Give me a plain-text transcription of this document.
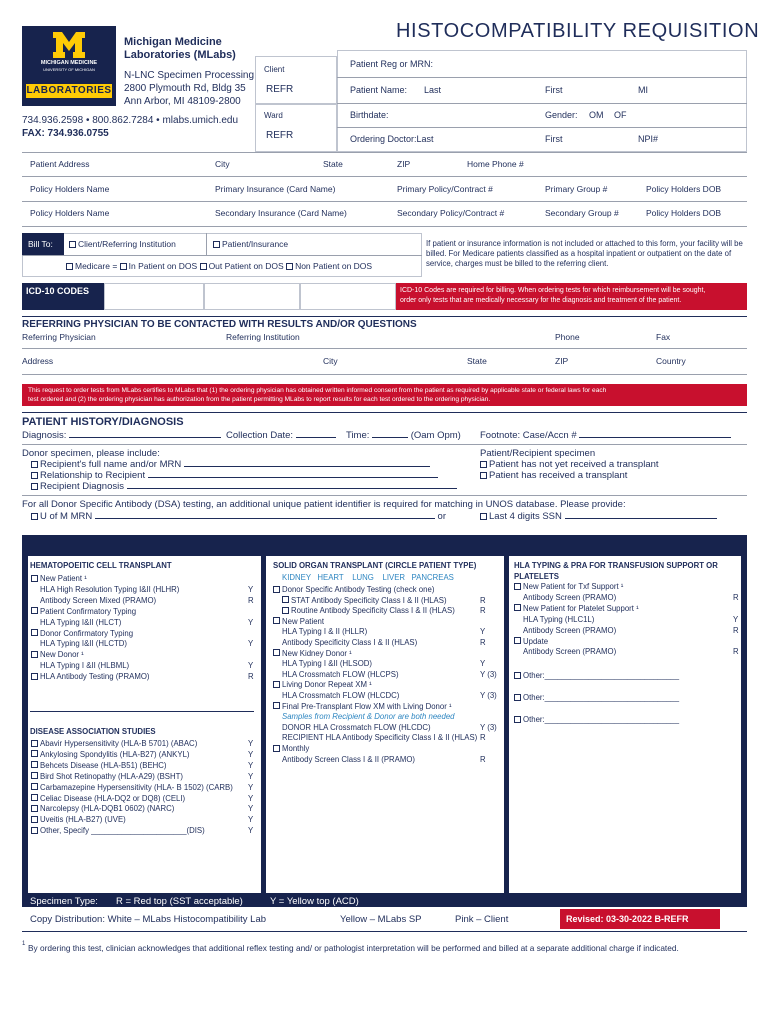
MICHIGAN MEDICINE
UNIVERSITY OF MICHIGAN
LABORATORIES
Michigan Medicine
Laboratories (MLabs)
N-LNC Specimen Processing
2800 Plymouth Rd, Bldg 35
Ann Arbor, MI 48109-2800
734.936.2598 • 800.862.7284 • mlabs.umich.edu
FAX: 734.936.0755
HISTOCOMPATIBILITY REQUISITION
Client
REFR
Ward
REFR
Patient Reg or MRN:
Patient Name: Last	First	MI
Birthdate:	Gender: OM OF
Ordering Doctor:Last	First	NPI#
Patient Address	City	State	ZIP	Home Phone #
Policy Holders Name	Primary Insurance (Card Name)	Primary Policy/Contract #	Primary Group #	Policy Holders DOB
Policy Holders Name	Secondary Insurance (Card Name)	Secondary Policy/Contract #	Secondary Group #	Policy Holders DOB
Bill To:	Client/Referring Institution	Patient/Insurance
Medicare = In Patient on DOS Out Patient on DOS Non Patient on DOS
If patient or insurance information is not included or attached to this form, your facility will be billed. For Medicare patients classified as a hospital inpatient or outpatient on the date of service, charges must be billed to the referring client.
ICD-10 CODES	ICD-10 Codes are required for billing. When ordering tests for which reimbursement will be sought,
order only tests that are medically necessary for the diagnosis and treatment of the patient.
REFERRING PHYSICIAN TO BE CONTACTED WITH RESULTS AND/OR QUESTIONS
Referring Physician	Referring Institution	Phone	Fax
Address	City	State	ZIP	Country
This request to order tests from MLabs certifies to MLabs that (1) the ordering physician has obtained written informed consent from the patient as required by applicable state or federal laws for each
test ordered and (2) the ordering physician has authorization from the patient permitting MLabs to report results for each test ordered to the ordering physician.
PATIENT HISTORY/DIAGNOSIS
Diagnosis:	Collection Date:	Time:	(Oam Opm) Footnote: Case/Accn #
Donor specimen, please include:
Recipient's full name and/or MRN
Relationship to Recipient
Recipient Diagnosis
Patient/Recipient specimen
Patient has not yet received a transplant
Patient has received a transplant
For all Donor Specific Antibody (DSA) testing, an additional unique patient identifier is required for matching in UNOS database. Please provide:
U of M MRN	or	Last 4 digits SSN
HEMATOPOEITIC CELL TRANSPLANT
New Patient ¹
HLA High Resolution Typing I&II (HLHR)	Y
Antibody Screen Mixed (PRAMO)	R
Patient Confirmatory Typing
HLA Typing I&II (HLCT)	Y
Donor Confirmatory Typing
HLA Typing I&II (HLCTD)	Y
New Donor ¹
HLA Typing I &II (HLBML)	Y
HLA Antibody Testing (PRAMO)	R
DISEASE ASSOCIATION STUDIES
Abavir Hypersensitivity (HLA-B 5701) (ABAC)	Y
Ankylosing Spondylitis (HLA-B27) (ANKYL)	Y
Behcets Disease (HLA-B51) (BEHC)	Y
Bird Shot Retinopathy (HLA-A29) (BSHT)	Y
Carbamazepine Hypersensitivity (HLA- B 1502) (CARB) Y
Celiac Disease (HLA-DQ2 or DQ8) (CELI)	Y
Narcolepsy (HLA-DQB1 0602) (NARC)	Y
Uveitis (HLA-B27) (UVE)	Y
Other, Specify ______________________(DIS)	Y
SOLID ORGAN TRANSPLANT (CIRCLE PATIENT TYPE)
KIDNEY   HEART    LUNG    LIVER   PANCREAS
Donor Specific Antibody Testing (check one)
STAT Antibody Specificity Class I & II (HLAS)	R
Routine Antibody Specificity Class I & II (HLAS)	R
New Patient
HLA Typing I & II (HLLR)	Y
Antibody Specificity Class I & II (HLAS)	R
New Kidney Donor ¹
HLA Typing I &II (HLSOD)	Y
HLA Crossmatch FLOW (HLCPS)	Y (3)
Living Donor Repeat XM ¹
HLA Crossmatch FLOW (HLCDC)	Y (3)
Final Pre-Transplant Flow XM with Living Donor ¹
Samples from Recipient & Donor are both needed
DONOR HLA Crossmatch FLOW (HLCDC)	Y (3)
RECIPIENT HLA Antibody Specificity Class I & II (HLAS) R
Monthly
Antibody Screen Class I & II (PRAMO)	R
HLA TYPING & PRA FOR TRANSFUSION SUPPORT OR
PLATELETS
New Patient for Txf Support ¹
Antibody Screen (PRAMO)	R
New Patient for Platelet Support ¹
HLA Typing (HLC1L)	Y
Antibody Screen (PRAMO)	R
Update
Antibody Screen (PRAMO)	R
Other:_______________________________
Other:_______________________________
Other:_______________________________
Specimen Type: R = Red top (SST acceptable)	Y = Yellow top (ACD)
Copy Distribution: White – MLabs Histocompatibility Lab	Yellow – MLabs SP	Pink – Client	Revised: 03-30-2022 B-REFR
1 By ordering this test, clinician acknowledges that additional reflex testing and/ or pathologist interpretation will be performed and billed at a separate additional charge if indicated.
